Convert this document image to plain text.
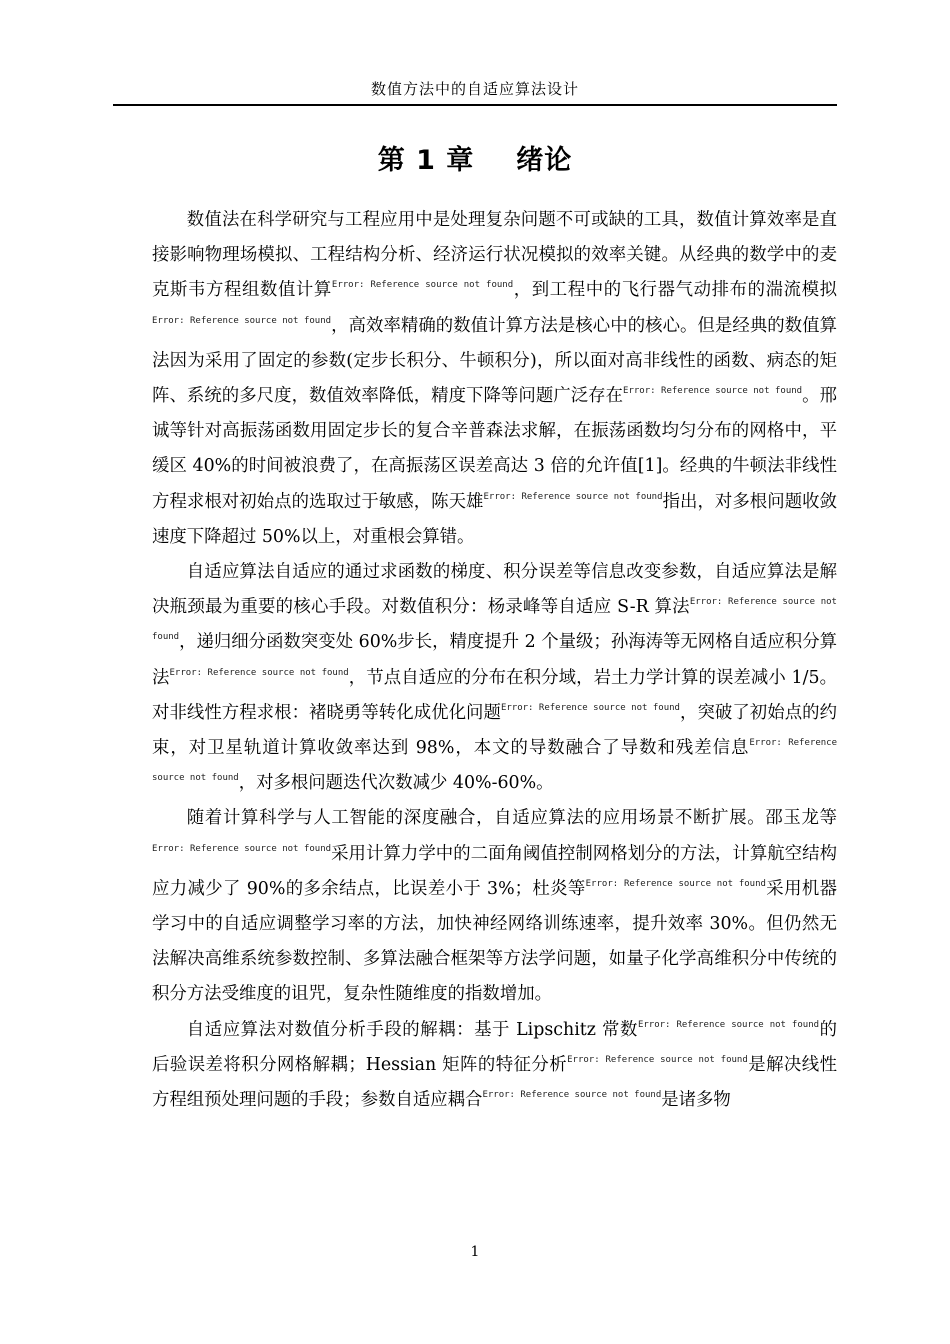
数值方法中的自适应算法设计
第 1 章 绪论

数值法在科学研究与工程应用中是处理复杂问题不可或缺的工具，数值计算效率是直接影响物理场模拟、工程结构分析、经济运行状况模拟的效率关键。从经典的数学中的麦克斯韦方程组数值计算$^{Error: Reference source not found}$，到工程中的飞行器气动排布的湍流模拟$^{Error: Reference source not found}$，高效率精确的数值计算方法是核心中的核心。但是经典的数值算法因为采用了固定的参数(定步长积分、牛顿积分)，所以面对高非线性的函数、病态的矩阵、系统的多尺度，数值效率降低，精度下降等问题广泛存在$^{Error: Reference source not found}$。邢诚等针对高振荡函数用固定步长的复合辛普森法求解，在振荡函数均匀分布的网格中，平缓区 40%的时间被浪费了，在高振荡区误差高达 3 倍的允许值[1]。经典的牛顿法非线性方程求根对初始点的选取过于敏感，陈天雄$^{Error: Reference source not found}$指出，对多根问题收敛速度下降超过 50%以上，对重根会算错。

自适应算法自适应的通过求函数的梯度、积分误差等信息改变参数，自适应算法是解决瓶颈最为重要的核心手段。对数值积分：杨录峰等自适应 S-R 算法$^{Error: Reference source not found}$，递归细分函数突变处 60%步长，精度提升 2 个量级；孙海涛等无网格自适应积分算法$^{Error: Reference source not found}$，节点自适应的分布在积分域，岩土力学计算的误差减小 1/5。对非线性方程求根：褚晓勇等转化成优化问题$^{Error: Reference source not found}$，突破了初始点的约束，对卫星轨道计算收敛率达到 98%，本文的导数融合了导数和残差信息$^{Error: Reference source not found}$，对多根问题迭代次数减少 40%-60%。

随着计算科学与人工智能的深度融合，自适应算法的应用场景不断扩展。邵玉龙等$^{Error: Reference source not found}$采用计算力学中的二面角阈值控制网格划分的方法，计算航空结构应力减少了 90%的多余结点，比误差小于 3%；杜炎等$^{Error: Reference source not found}$采用机器学习中的自适应调整学习率的方法，加快神经网络训练速率，提升效率 30%。但仍然无法解决高维系统参数控制、多算法融合框架等方法学问题，如量子化学高维积分中传统的积分方法受维度的诅咒，复杂性随维度的指数增加。

自适应算法对数值分析手段的解耦：基于 Lipschitz 常数$^{Error: Reference source not found}$的后验误差将积分网格解耦；Hessian 矩阵的特征分析$^{Error: Reference source not found}$是解决线性方程组预处理问题的手段；参数自适应耦合$^{Error: Reference source not found}$是诸多物

1
